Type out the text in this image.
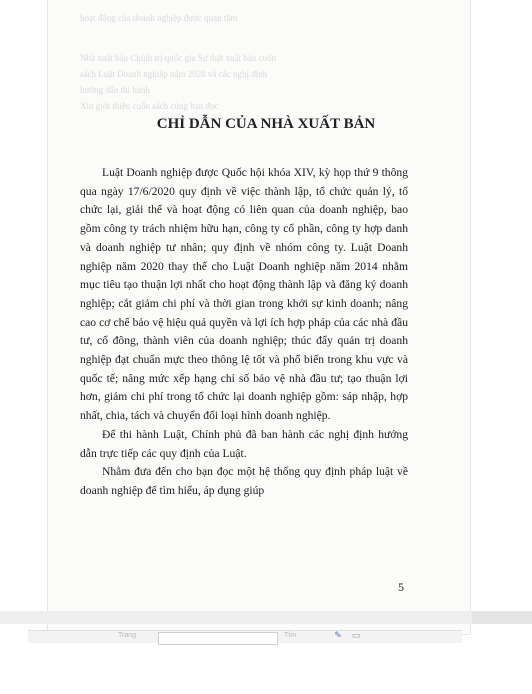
hoạt động của doanh nghiệp được quan tâm
Nhà xuất bản Chính trị quốc gia Sự thật xuất bản cuốn
sách Luật Doanh nghiệp năm 2020 và các nghị định
hướng dẫn thi hành
Xin giới thiệu cuốn sách cùng bạn đọc
CHỈ DẪN CỦA NHÀ XUẤT BẢN

Luật Doanh nghiệp được Quốc hội khóa XIV, kỳ họp thứ 9 thông qua ngày 17/6/2020 quy định về việc thành lập, tổ chức quản lý, tổ chức lại, giải thể và hoạt động có liên quan của doanh nghiệp, bao gồm công ty trách nhiệm hữu hạn, công ty cổ phần, công ty hợp danh và doanh nghiệp tư nhân; quy định về nhóm công ty. Luật Doanh nghiệp năm 2020 thay thế cho Luật Doanh nghiệp năm 2014 nhằm mục tiêu tạo thuận lợi nhất cho hoạt động thành lập và đăng ký doanh nghiệp; cắt giảm chi phí và thời gian trong khởi sự kinh doanh; nâng cao cơ chế bảo vệ hiệu quả quyền và lợi ích hợp pháp của các nhà đầu tư, cổ đông, thành viên của doanh nghiệp; thúc đẩy quản trị doanh nghiệp đạt chuẩn mực theo thông lệ tốt và phổ biến trong khu vực và quốc tế; nâng mức xếp hạng chỉ số bảo vệ nhà đầu tư; tạo thuận lợi hơn, giảm chi phí trong tổ chức lại doanh nghiệp gồm: sáp nhập, hợp nhất, chia, tách và chuyển đổi loại hình doanh nghiệp.

Để thi hành Luật, Chính phủ đã ban hành các nghị định hướng dẫn trực tiếp các quy định của Luật.

Nhằm đưa đến cho bạn đọc một hệ thống quy định pháp luật về doanh nghiệp để tìm hiểu, áp dụng giúp

5
Trang	Tìm	✎ ▭
